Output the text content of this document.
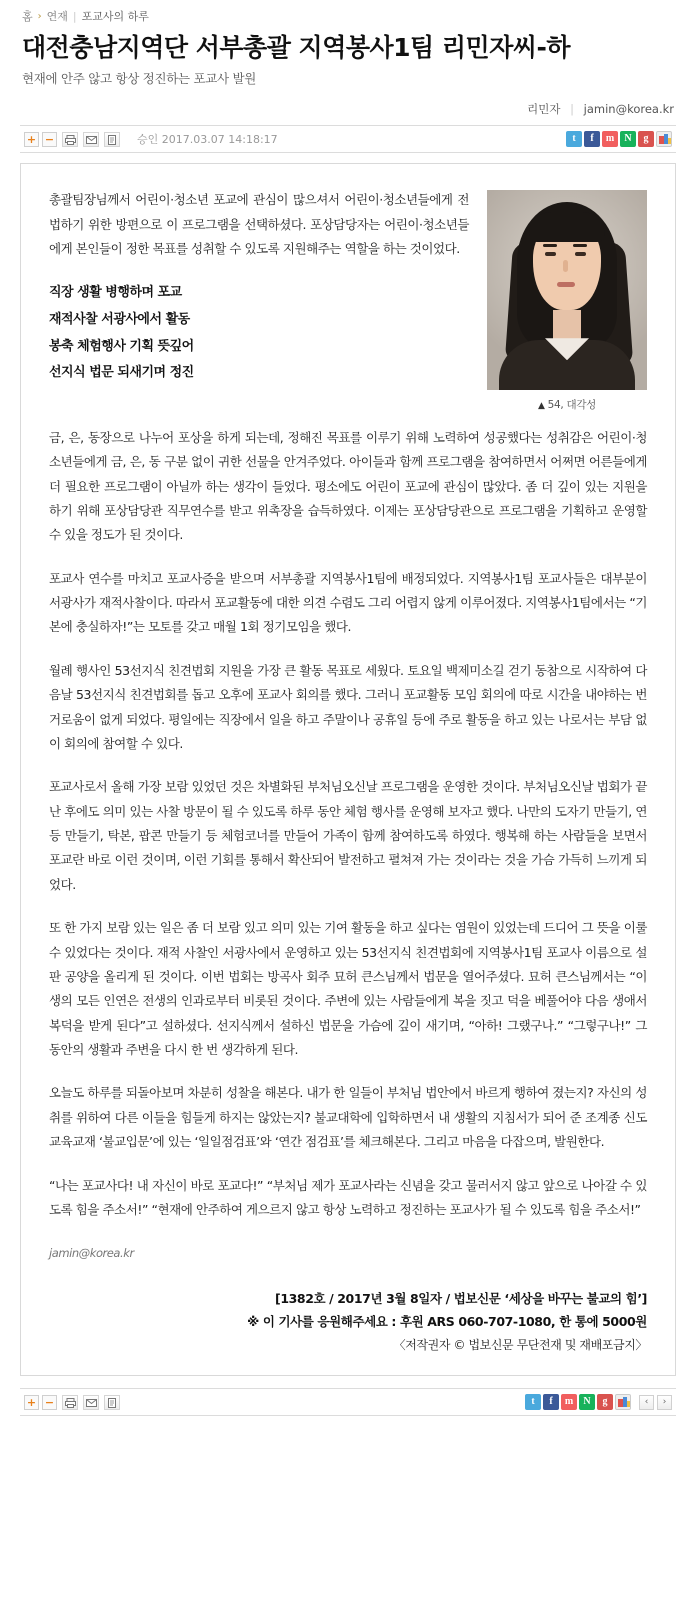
홈 › 연재 | 포교사의 하루
대전충남지역단 서부총괄 지역봉사1팀 리민자씨-하

현재에 안주 않고 항상 정진하는 포교사 발원

리민자 | jamin@korea.kr
+ −	승인 2017.03.07 14:18:17	t	f	m	N	g
▲ 54, 대각성

총괄팀장님께서 어린이·청소년 포교에 관심이 많으셔서 어린이·청소년들에게 전법하기 위한 방편으로 이 프로그램을 선택하셨다. 포상담당자는 어린이·청소년들에게 본인들이 정한 목표를 성취할 수 있도록 지원해주는 역할을 하는 것이었다.

직장 생활 병행하며 포교
재적사찰 서광사에서 활동
봉축 체험행사 기획 뜻깊어
선지식 법문 되새기며 정진

금, 은, 동장으로 나누어 포상을 하게 되는데, 정해진 목표를 이루기 위해 노력하여 성공했다는 성취감은 어린이·청소년들에게 금, 은, 동 구분 없이 귀한 선물을 안겨주었다. 아이들과 함께 프로그램을 참여하면서 어쩌면 어른들에게 더 필요한 프로그램이 아닐까 하는 생각이 들었다. 평소에도 어린이 포교에 관심이 많았다. 좀 더 깊이 있는 지원을 하기 위해 포상담당관 직무연수를 받고 위촉장을 습득하였다. 이제는 포상담당관으로 프로그램을 기획하고 운영할 수 있을 정도가 된 것이다.

포교사 연수를 마치고 포교사증을 받으며 서부총괄 지역봉사1팀에 배정되었다. 지역봉사1팀 포교사들은 대부분이 서광사가 재적사찰이다. 따라서 포교활동에 대한 의견 수렴도 그리 어렵지 않게 이루어졌다. 지역봉사1팀에서는 “기본에 충실하자!”는 모토를 갖고 매월 1회 정기모임을 했다.

월례 행사인 53선지식 친견법회 지원을 가장 큰 활동 목표로 세웠다. 토요일 백제미소길 걷기 동참으로 시작하여 다음날 53선지식 친견법회를 돕고 오후에 포교사 회의를 했다. 그러니 포교활동 모임 회의에 따로 시간을 내야하는 번거로움이 없게 되었다. 평일에는 직장에서 일을 하고 주말이나 공휴일 등에 주로 활동을 하고 있는 나로서는 부담 없이 회의에 참여할 수 있다.

포교사로서 올해 가장 보람 있었던 것은 차별화된 부처님오신날 프로그램을 운영한 것이다. 부처님오신날 법회가 끝난 후에도 의미 있는 사찰 방문이 될 수 있도록 하루 동안 체험 행사를 운영해 보자고 했다. 나만의 도자기 만들기, 연등 만들기, 탁본, 팝콘 만들기 등 체험코너를 만들어 가족이 함께 참여하도록 하였다. 행복해 하는 사람들을 보면서 포교란 바로 이런 것이며, 이런 기회를 통해서 확산되어 발전하고 펼쳐져 가는 것이라는 것을 가슴 가득히 느끼게 되었다.

또 한 가지 보람 있는 일은 좀 더 보람 있고 의미 있는 기여 활동을 하고 싶다는 염원이 있었는데 드디어 그 뜻을 이룰 수 있었다는 것이다. 재적 사찰인 서광사에서 운영하고 있는 53선지식 친견법회에 지역봉사1팀 포교사 이름으로 설판 공양을 올리게 된 것이다. 이번 법회는 방곡사 회주 묘허 큰스님께서 법문을 열어주셨다. 묘허 큰스님께서는 “이생의 모든 인연은 전생의 인과로부터 비롯된 것이다. 주변에 있는 사람들에게 복을 짓고 덕을 베풀어야 다음 생애서 복덕을 받게 된다”고 설하셨다. 선지식께서 설하신 법문을 가슴에 깊이 새기며, “아하! 그랬구나.” “그렇구나!” 그 동안의 생활과 주변을 다시 한 번 생각하게 된다.

오늘도 하루를 되돌아보며 차분히 성찰을 해본다. 내가 한 일들이 부처님 법안에서 바르게 행하여 졌는지? 자신의 성취를 위하여 다른 이들을 힘들게 하지는 않았는지? 불교대학에 입학하면서 내 생활의 지침서가 되어 준 조계종 신도 교육교재 ‘불교입문’에 있는 ‘일일점검표’와 ‘연간 점검표’를 체크해본다. 그리고 마음을 다잡으며, 발원한다.

“나는 포교사다! 내 자신이 바로 포교다!” “부처님 제가 포교사라는 신념을 갖고 물러서지 않고 앞으로 나아갈 수 있도록 힘을 주소서!” “현재에 안주하여 게으르지 않고 항상 노력하고 정진하는 포교사가 될 수 있도록 힘을 주소서!”

jamin@korea.kr
[1382호 / 2017년 3월 8일자 / 법보신문 ‘세상을 바꾸는 불교의 힘’]
※ 이 기사를 응원해주세요 : 후원 ARS 060-707-1080, 한 통에 5000원
〈저작권자 © 법보신문 무단전재 및 재배포금지〉
+ −	t	f	m	N	g	‹	›
